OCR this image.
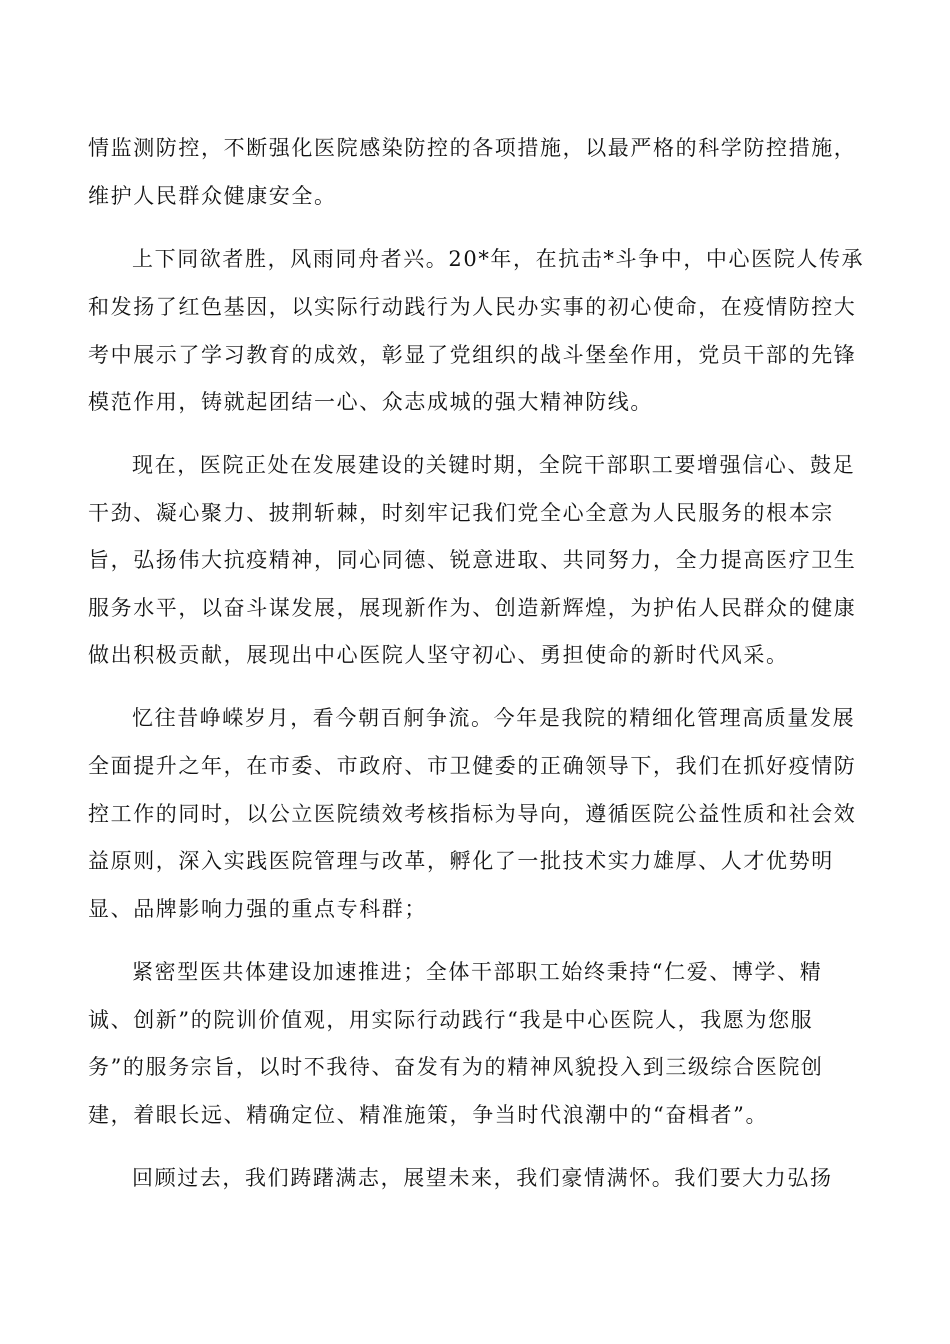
情监测防控，不断强化医院感染防控的各项措施，以最严格的科学防控措施，
维护人民群众健康安全。
上下同欲者胜，风雨同舟者兴。20*年，在抗击*斗争中，中心医院人传承
和发扬了红色基因，以实际行动践行为人民办实事的初心使命，在疫情防控大
考中展示了学习教育的成效，彰显了党组织的战斗堡垒作用，党员干部的先锋
模范作用，铸就起团结一心、众志成城的强大精神防线。
现在，医院正处在发展建设的关键时期，全院干部职工要增强信心、鼓足
干劲、凝心聚力、披荆斩棘，时刻牢记我们党全心全意为人民服务的根本宗
旨，弘扬伟大抗疫精神，同心同德、锐意进取、共同努力，全力提高医疗卫生
服务水平，以奋斗谋发展，展现新作为、创造新辉煌，为护佑人民群众的健康
做出积极贡献，展现出中心医院人坚守初心、勇担使命的新时代风采。
忆往昔峥嵘岁月，看今朝百舸争流。今年是我院的精细化管理高质量发展
全面提升之年，在市委、市政府、市卫健委的正确领导下，我们在抓好疫情防
控工作的同时，以公立医院绩效考核指标为导向，遵循医院公益性质和社会效
益原则，深入实践医院管理与改革，孵化了一批技术实力雄厚、人才优势明
显、品牌影响力强的重点专科群；
紧密型医共体建设加速推进；全体干部职工始终秉持“仁爱、博学、精
诚、创新”的院训价值观，用实际行动践行“我是中心医院人，我愿为您服
务”的服务宗旨，以时不我待、奋发有为的精神风貌投入到三级综合医院创
建，着眼长远、精确定位、精准施策，争当时代浪潮中的“奋楫者”。
回顾过去，我们踌躇满志，展望未来，我们豪情满怀。我们要大力弘扬
